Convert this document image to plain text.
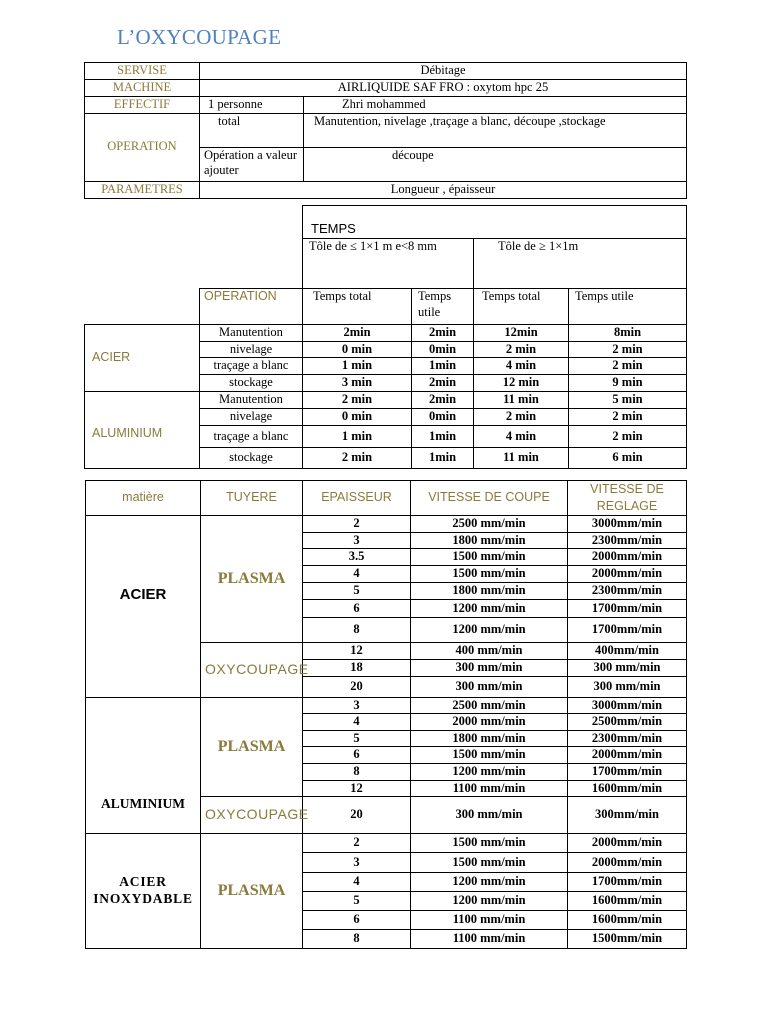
L’OXYCOUPAGE
SERVISE	Débitage	
MACHINE	AIRLIQUIDE SAF FRO : oxytom hpc 25	
EFFECTIF	1 personne	Zhri mohammed
OPERATION	total	Manutention, nivelage ,traçage a blanc, découpe ,stockage
	Opération a valeur ajouter	découpe
PARAMETRES	Longueur , épaisseur	
		TEMPS			
		Tôle de ≤ 1×1 m e<8 mm		Tôle de ≥ 1×1m	
	OPERATION	Temps total	Temps utile	Temps total	Temps utile
ACIER	Manutention	2min	2min	12min	8min
	nivelage	0 min	0min	2 min	2 min
	traçage a blanc	1 min	1min	4 min	2 min
	stockage	3 min	2min	12 min	9 min
ALUMINIUM	Manutention	2 min	2min	11 min	5 min
	nivelage	0 min	0min	2 min	2 min
	traçage a blanc	1 min	1min	4 min	2 min
	stockage	2 min	1min	11 min	6 min
matière	TUYERE	EPAISSEUR	VITESSE DE COUPE	VITESSE DE REGLAGE
ACIER	PLASMA	2	2500 mm/min	3000mm/min
		3	1800 mm/min	2300mm/min
		3.5	1500 mm/min	2000mm/min
		4	1500 mm/min	2000mm/min
		5	1800 mm/min	2300mm/min
		6	1200 mm/min	1700mm/min
		8	1200 mm/min	1700mm/min
	OXYCOUPAGE	12	400 mm/min	400mm/min
		18	300 mm/min	300 mm/min
		20	300 mm/min	300 mm/min
ALUMINIUM	PLASMA	3	2500 mm/min	3000mm/min
		4	2000 mm/min	2500mm/min
		5	1800 mm/min	2300mm/min
		6	1500 mm/min	2000mm/min
		8	1200 mm/min	1700mm/min
		12	1100 mm/min	1600mm/min
	OXYCOUPAGE	20	300 mm/min	300mm/min
ACIER INOXYDABLE	PLASMA	2	1500 mm/min	2000mm/min
		3	1500 mm/min	2000mm/min
		4	1200 mm/min	1700mm/min
		5	1200 mm/min	1600mm/min
		6	1100 mm/min	1600mm/min
		8	1100 mm/min	1500mm/min
